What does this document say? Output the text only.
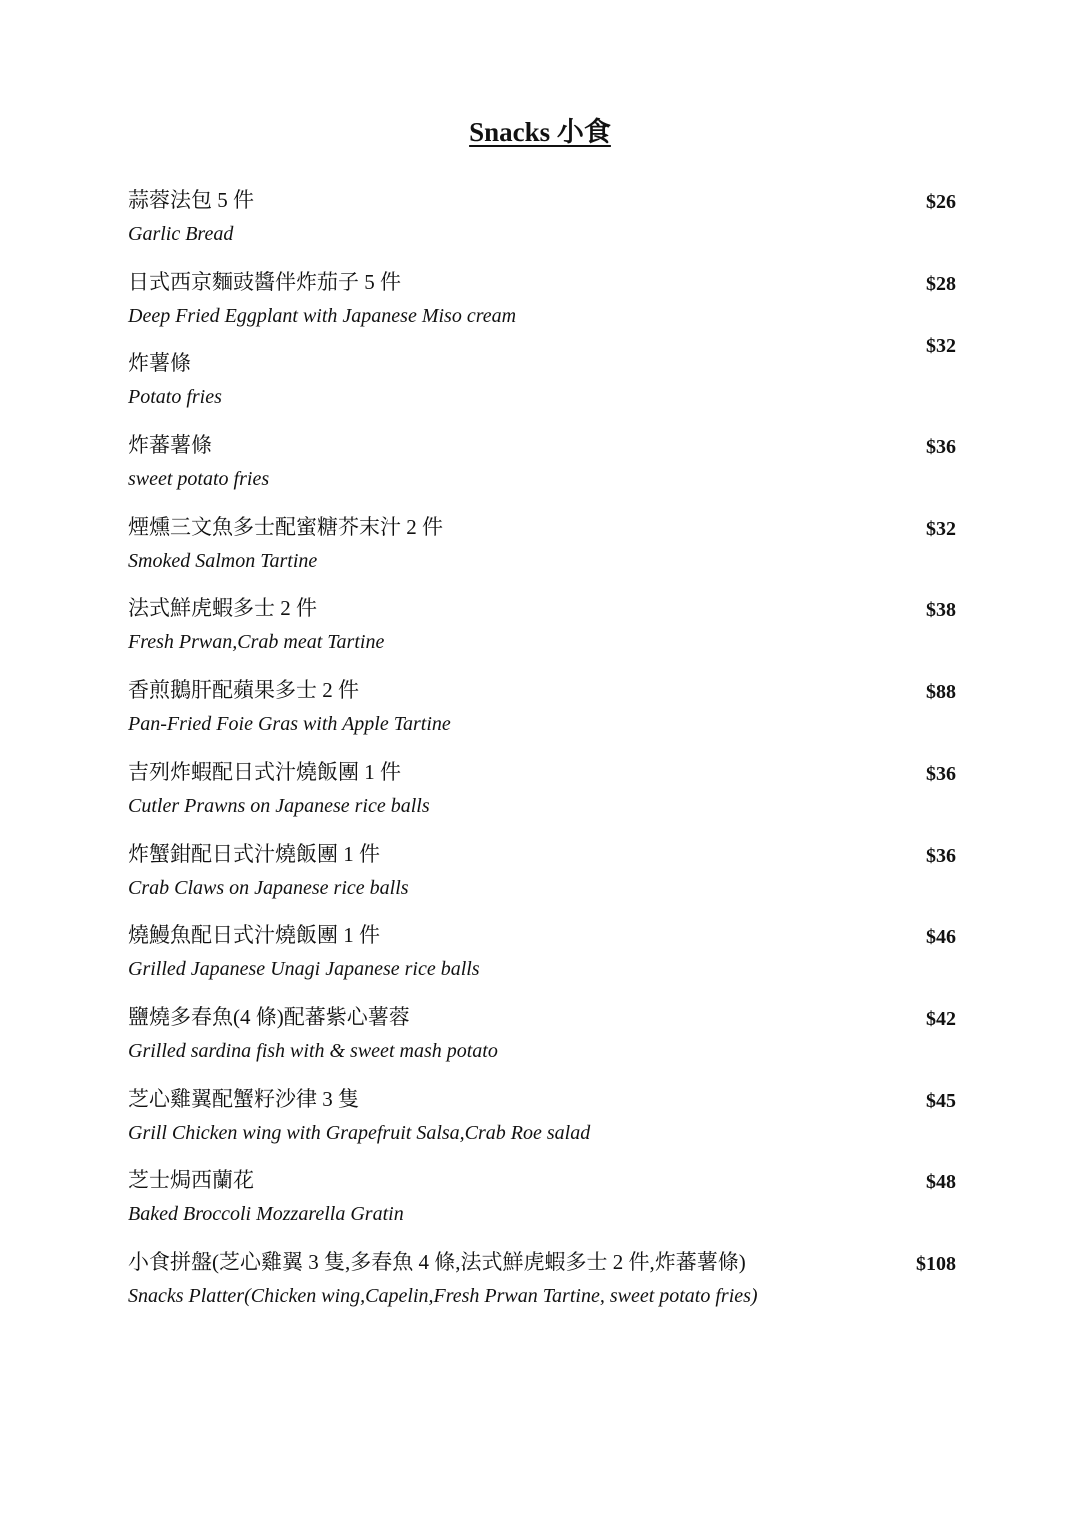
Snacks 小食
蒜蓉法包 5 件
Garlic Bread
$26
日式西京麵豉醬伴炸茄子 5 件
Deep Fried Eggplant with Japanese Miso cream
$28
炸薯條
Potato fries
$32
炸蕃薯條
sweet potato fries
$36
煙燻三文魚多士配蜜糖芥末汁 2 件
Smoked Salmon Tartine
$32
法式鮮虎蝦多士 2 件
Fresh Prwan,Crab meat Tartine
$38
香煎鵝肝配蘋果多士 2 件
Pan-Fried Foie Gras with Apple Tartine
$88
吉列炸蝦配日式汁燒飯團 1 件
Cutler Prawns on Japanese rice balls
$36
炸蟹鉗配日式汁燒飯團 1 件
Crab Claws on Japanese rice balls
$36
燒鰻魚配日式汁燒飯團 1 件
Grilled Japanese Unagi Japanese rice balls
$46
鹽燒多春魚(4 條)配蕃紫心薯蓉
Grilled sardina fish with & sweet mash potato
$42
芝心雞翼配蟹籽沙律 3 隻
Grill Chicken wing with Grapefruit Salsa,Crab Roe salad
$45
芝士焗西蘭花
Baked Broccoli Mozzarella Gratin
$48
小食拼盤(芝心雞翼 3 隻,多春魚 4 條,法式鮮虎蝦多士 2 件,炸蕃薯條)
Snacks Platter(Chicken wing,Capelin,Fresh Prwan Tartine, sweet potato fries)
$108
